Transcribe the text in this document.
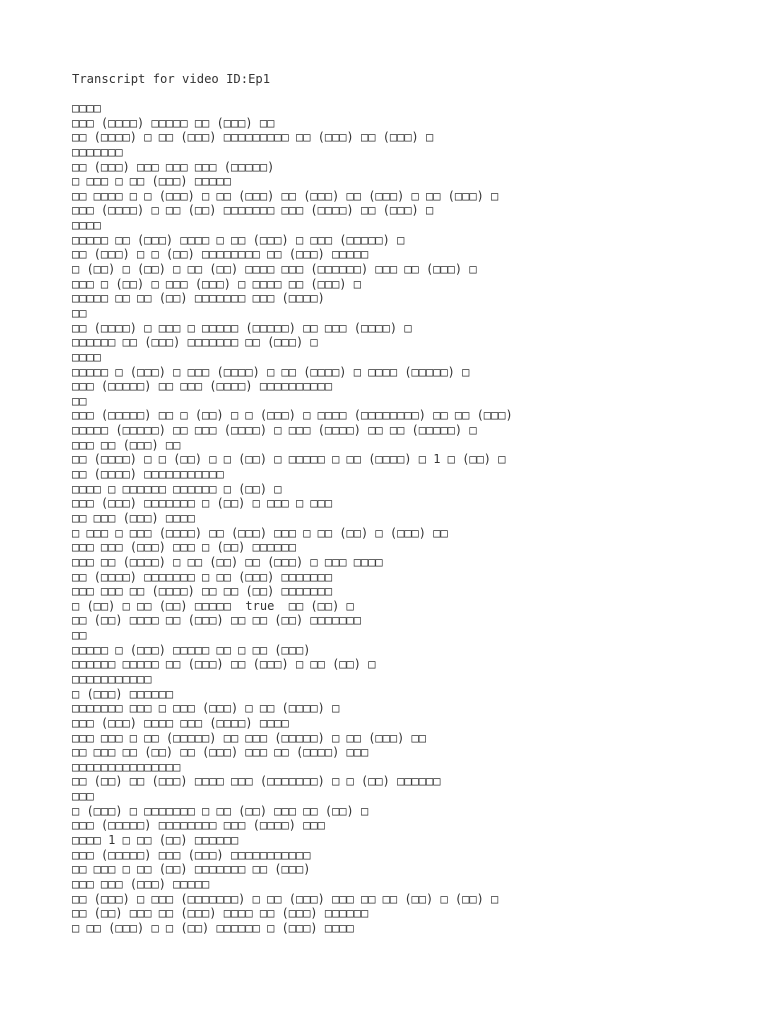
Transcript for video ID:Ep1
□□□□
□□□ (□□□□) □□□□□ □□ (□□□) □□
□□ (□□□□) □ □□ (□□□) □□□□□□□□□ □□ (□□□) □□ (□□□) □
□□□□□□□
□□ (□□□) □□□ □□□ □□□ (□□□□□)
□ □□□ □ □□ (□□□) □□□□□
□□ □□□□ □ □ (□□□) □ □□ (□□□) □□ (□□□) □□ (□□□) □ □□ (□□□) □
□□□ (□□□□) □ □□ (□□) □□□□□□□ □□□ (□□□□) □□ (□□□) □
□□□□
□□□□□ □□ (□□□) □□□□ □ □□ (□□□) □ □□□ (□□□□□) □
□□ (□□□) □ □ (□□) □□□□□□□□ □□ (□□□) □□□□□
□ (□□) □ (□□) □ □□ (□□) □□□□ □□□ (□□□□□□) □□□ □□ (□□□) □
□□□ □ (□□) □ □□□ (□□□) □ □□□□ □□ (□□□) □
□□□□□ □□ □□ (□□) □□□□□□□ □□□ (□□□□)
□□
□□ (□□□□) □ □□□ □ □□□□□ (□□□□□) □□ □□□ (□□□□) □
□□□□□□ □□ (□□□) □□□□□□□ □□ (□□□) □
□□□□
□□□□□ □ (□□□) □ □□□ (□□□□) □ □□ (□□□□) □ □□□□ (□□□□□) □
□□□ (□□□□□) □□ □□□ (□□□□) □□□□□□□□□□
□□
□□□ (□□□□□) □□ □ (□□) □ □ (□□□) □ □□□□ (□□□□□□□□) □□ □□ (□□□)
□□□□□ (□□□□□) □□ □□□ (□□□□) □ □□□ (□□□□) □□ □□ (□□□□□) □
□□□ □□ (□□□) □□
□□ (□□□□) □ □ (□□) □ □ (□□) □ □□□□□ □ □□ (□□□□) □ 1 □ (□□) □
□□ (□□□□) □□□□□□□□□□□
□□□□ □ □□□□□□ □□□□□□ □ (□□) □
□□□ (□□□) □□□□□□□ □ (□□) □ □□□ □ □□□
□□ □□□ (□□□) □□□□
□ □□□ □ □□□ (□□□□) □□ (□□□) □□□ □ □□ (□□) □ (□□□) □□
□□□ □□□ (□□□) □□□ □ (□□) □□□□□□
□□□ □□ (□□□□) □ □□ (□□) □□ (□□□) □ □□□ □□□□
□□ (□□□□) □□□□□□□ □ □□ (□□□) □□□□□□□
□□□ □□□ □□ (□□□□) □□ □□ (□□) □□□□□□□
□ (□□) □ □□ (□□) □□□□□  true  □□ (□□) □
□□ (□□) □□□□ □□ (□□□) □□ □□ (□□) □□□□□□□
□□
□□□□□ □ (□□□) □□□□□ □□ □ □□ (□□□)
□□□□□□ □□□□□ □□ (□□□) □□ (□□□) □ □□ (□□) □
□□□□□□□□□□□
□ (□□□) □□□□□□
□□□□□□□ □□□ □ □□□ (□□□) □ □□ (□□□□) □
□□□ (□□□) □□□□ □□□ (□□□□) □□□□
□□□ □□□ □ □□ (□□□□□) □□ □□□ (□□□□□) □ □□ (□□□) □□
□□ □□□ □□ (□□) □□ (□□□) □□□ □□ (□□□□) □□□
□□□□□□□□□□□□□□□
□□ (□□) □□ (□□□) □□□□ □□□ (□□□□□□□) □ □ (□□) □□□□□□
□□□
□ (□□□) □ □□□□□□□ □ □□ (□□) □□□ □□ (□□) □
□□□ (□□□□□) □□□□□□□□ □□□ (□□□□) □□□
□□□□ 1 □ □□ (□□) □□□□□□
□□□ (□□□□□) □□□ (□□□) □□□□□□□□□□□
□□ □□□ □ □□ (□□) □□□□□□□ □□ (□□□)
□□□ □□□ (□□□) □□□□□
□□ (□□□) □ □□□ (□□□□□□□) □ □□ (□□□) □□□ □□ □□ (□□) □ (□□) □
□□ (□□) □□□ □□ (□□□) □□□□ □□ (□□□) □□□□□□
□ □□ (□□□) □ □ (□□) □□□□□□ □ (□□□) □□□□
